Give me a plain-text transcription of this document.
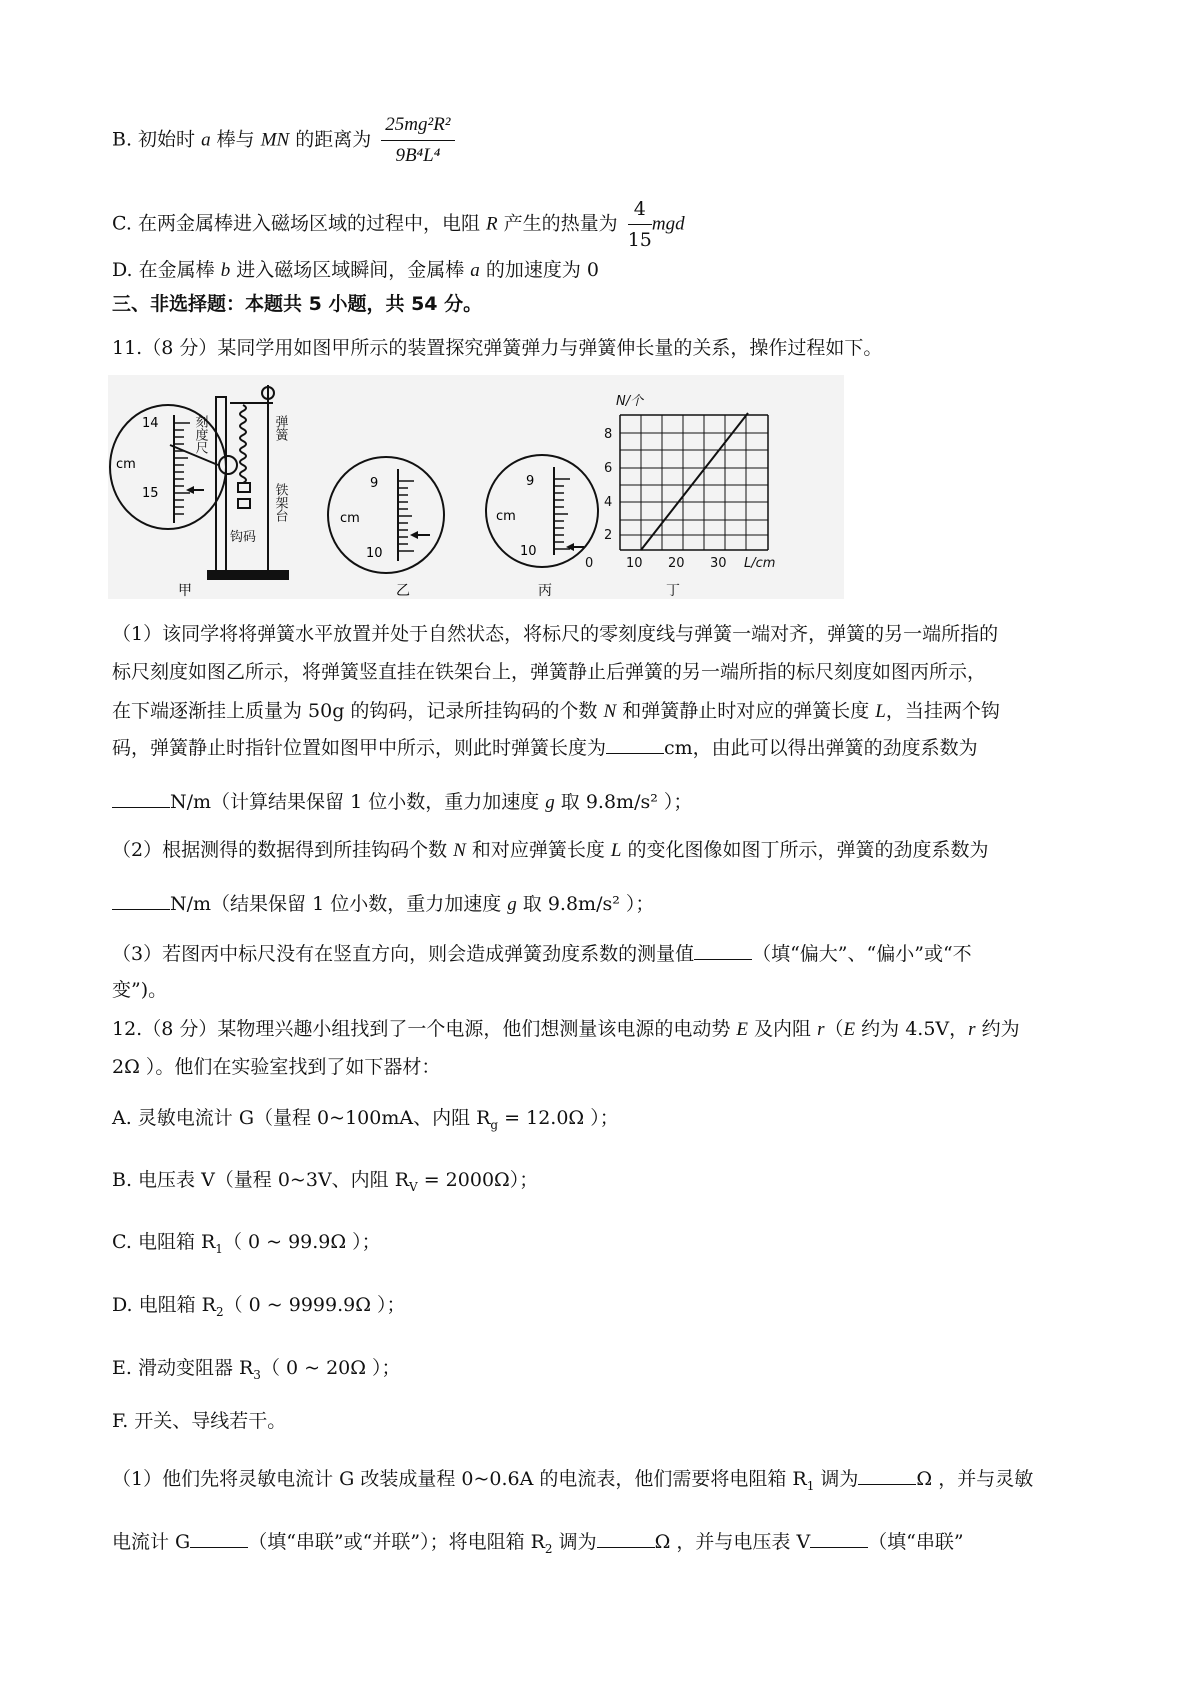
B. 初始时 a 棒与 MN 的距离为 $\frac{\text{25mg²R²}}{\text{9B⁴L⁴}}$
C. 在两金属棒进入磁场区域的过程中，电阻 R 产生的热量为 $\frac{4}{15}$ mgd
D. 在金属棒 b 进入磁场区域瞬间，金属棒 a 的加速度为 0
三、非选择题：本题共 5 小题，共 54 分。
11.（8 分）某同学用如图甲所示的装置探究弹簧弹力与弹簧伸长量的关系，操作过程如下。
刻度尺	弹簧
铁架台
钩码
14
cm
15
甲
9
cm
10
乙
9
cm
10
丙
8
6
4
2
0	10 20 30
N/个
L/cm
丁
（1）该同学将将弹簧水平放置并处于自然状态，将标尺的零刻度线与弹簧一端对齐，弹簧的另一端所指的
标尺刻度如图乙所示，将弹簧竖直挂在铁架台上，弹簧静止后弹簧的另一端所指的标尺刻度如图丙所示，
在下端逐渐挂上质量为 50g 的钩码，记录所挂钩码的个数 N 和弹簧静止时对应的弹簧长度 L，当挂两个钩
码，弹簧静止时指针位置如图甲中所示，则此时弹簧长度为	cm，由此可以得出弹簧的劲度系数为
N/m（计算结果保留 1 位小数，重力加速度 g 取 9.8m/s² ）；
（2）根据测得的数据得到所挂钩码个数 N 和对应弹簧长度 L 的变化图像如图丁所示，弹簧的劲度系数为
N/m（结果保留 1 位小数，重力加速度 g 取 9.8m/s² ）；
（3）若图丙中标尺没有在竖直方向，则会造成弹簧劲度系数的测量值	（填“偏大”、“偏小”或“不
变”)。
12.（8 分）某物理兴趣小组找到了一个电源，他们想测量该电源的电动势 E 及内阻 r（E 约为 4.5V，r 约为
2Ω ）。他们在实验室找到了如下器材：
A. 灵敏电流计 G（量程 0~100mA、内阻 $R_g = 12.0\Omega$ ）；
B. 电压表 V（量程 0~3V、内阻 $R_V = 2000\Omega$）；
C. 电阻箱 $R_1$（ 0 ~ 99.9Ω ）；
D. 电阻箱 $R_2$（ 0 ~ 9999.9Ω ）；
E. 滑动变阻器 $R_3$（ 0 ~ 20Ω ）；
F. 开关、导线若干。
（1）他们先将灵敏电流计 G 改装成量程 0~0.6A 的电流表，他们需要将电阻箱 $R_1$ 调为	Ω ，并与灵敏
电流计 G	（填“串联”或“并联”）；将电阻箱 $R_2$ 调为	Ω ，并与电压表 V	（填“串联”
